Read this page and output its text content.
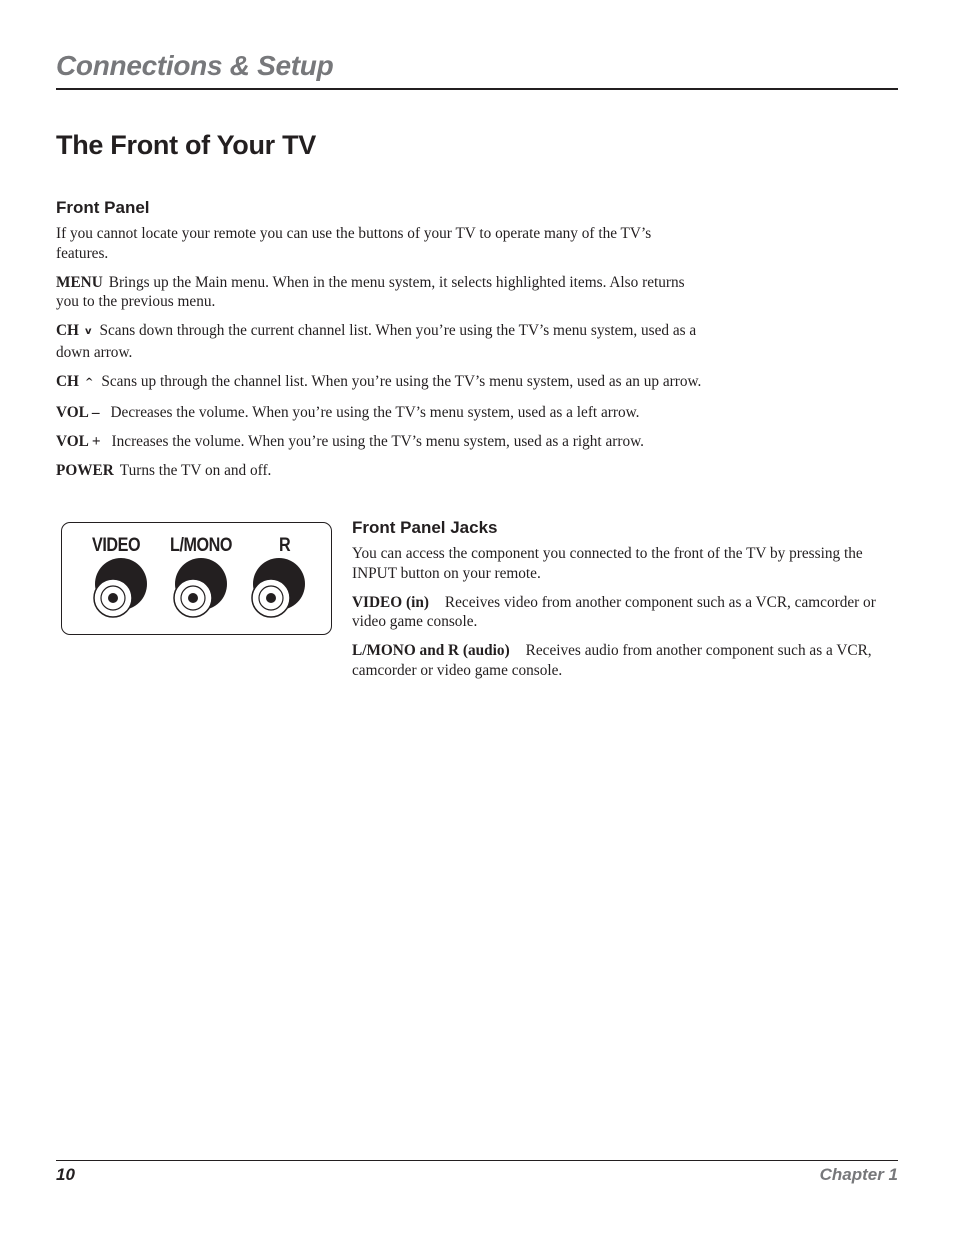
Connections & Setup
The Front of Your TV
Front Panel

If you cannot locate your remote you can use the buttons of your TV to operate many of the TV’s features.

MENU Brings up the Main menu. When in the menu system, it selects highlighted items. Also returns you to the previous menu.

CH v Scans down through the current channel list. When you’re using the TV’s menu system, used as a down arrow.

CH ^ Scans up through the channel list. When you’re using the TV’s menu system, used as an up arrow.

VOL – Decreases the volume. When you’re using the TV’s menu system, used as a left arrow.

VOL + Increases the volume. When you’re using the TV’s menu system, used as a right arrow.

POWER Turns the TV on and off.

VIDEO L/MONO R
Front Panel Jacks

You can access the component you connected to the front of the TV by pressing the INPUT button on your remote.

VIDEO (in) Receives video from another component such as a VCR, camcorder or video game console.

L/MONO and R (audio) Receives audio from another component such as a VCR, camcorder or video game console.

10	Chapter 1
